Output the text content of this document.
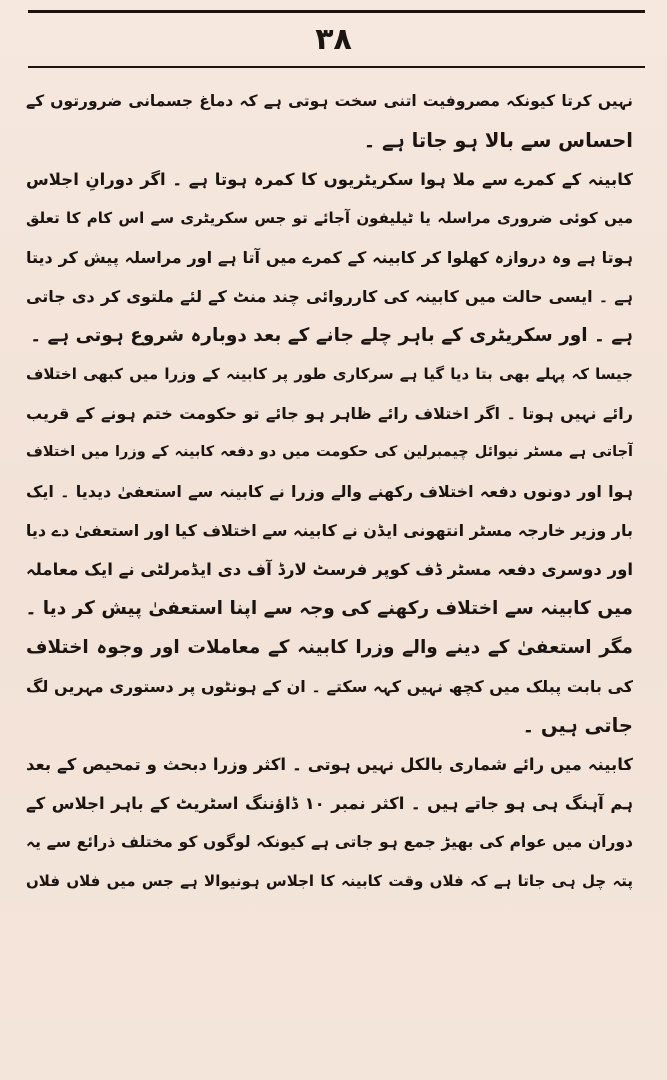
٣٨
نہیں کرتا کیونکہ مصروفیت اتنی سخت ہوتی ہے کہ دماغ جسمانی ضرورتوں کے
احساس سے بالا ہو جاتا ہے ۔
کابینہ کے کمرے سے ملا ہوا سکریٹریوں کا کمرہ ہوتا ہے ۔ اگر دورانِ اجلاس
میں کوئی ضروری مراسلہ یا ٹیلیفون آجائے تو جس سکریٹری سے اس کام کا تعلق
ہوتا ہے وہ دروازہ کھلوا کر کابینہ کے کمرے میں آتا ہے اور مراسلہ پیش کر دیتا
ہے ۔ ایسی حالت میں کابینہ کی کارروائی چند منٹ کے لئے ملتوی کر دی جاتی
ہے ۔ اور سکریٹری کے باہر چلے جانے کے بعد دوبارہ شروع ہوتی ہے ۔
جیسا کہ پہلے بھی بتا دیا گیا ہے سرکاری طور پر کابینہ کے وزرا میں کبھی اختلاف
رائے نہیں ہوتا ۔ اگر اختلاف رائے ظاہر ہو جائے تو حکومت ختم ہونے کے قریب
آجاتی ہے مسٹر نیوائل چیمبرلین کی حکومت میں دو دفعہ کابینہ کے وزرا میں اختلاف
ہوا اور دونوں دفعہ اختلاف رکھنے والے وزرا نے کابینہ سے استعفیٰ دیدیا ۔ ایک
بار وزیر خارجہ مسٹر انتھونی ایڈن نے کابینہ سے اختلاف کیا اور استعفیٰ دے دیا
اور دوسری دفعہ مسٹر ڈف کوپر فرسٹ لارڈ آف دی ایڈمرلٹی نے ایک معاملہ
میں کابینہ سے اختلاف رکھنے کی وجہ سے اپنا استعفیٰ پیش کر دیا ۔
مگر استعفیٰ کے دینے والے وزرا کابینہ کے معاملات اور وجوہ اختلاف
کی بابت پبلک میں کچھ نہیں کہہ سکتے ۔ ان کے ہونٹوں پر دستوری مہریں لگ
جاتی ہیں ۔
کابینہ میں رائے شماری بالکل نہیں ہوتی ۔ اکثر وزرا دبحث و تمحیص کے بعد
ہم آہنگ ہی ہو جاتے ہیں ۔ اکثر نمبر ۱۰ ڈاؤننگ اسٹریٹ کے باہر اجلاس کے
دوران میں عوام کی بھیڑ جمع ہو جاتی ہے کیونکہ لوگوں کو مختلف ذرائع سے یہ
پتہ چل ہی جاتا ہے کہ فلاں وقت کابینہ کا اجلاس ہونیوالا ہے جس میں فلاں فلاں
